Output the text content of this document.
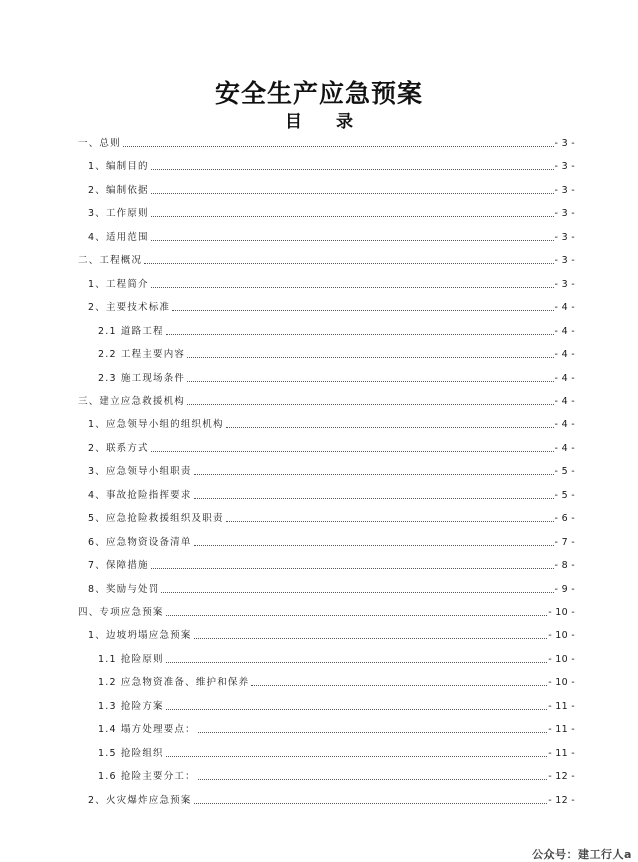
安全生产应急预案
目 录
一、总则	- 3 -
1、编制目的	- 3 -
2、编制依据	- 3 -
3、工作原则	- 3 -
4、适用范围	- 3 -
二、工程概况	- 3 -
1、工程简介	- 3 -
2、主要技术标准	- 4 -
2.1 道路工程	- 4 -
2.2 工程主要内容	- 4 -
2.3 施工现场条件	- 4 -
三、建立应急救援机构	- 4 -
1、应急领导小组的组织机构	- 4 -
2、联系方式	- 4 -
3、应急领导小组职责	- 5 -
4、事故抢险指挥要求	- 5 -
5、应急抢险救援组织及职责	- 6 -
6、应急物资设备清单	- 7 -
7、保障措施	- 8 -
8、奖励与处罚	- 9 -
四、专项应急预案	- 10 -
1、边坡坍塌应急预案	- 10 -
1.1 抢险原则	- 10 -
1.2 应急物资准备、维护和保养	- 10 -
1.3 抢险方案	- 11 -
1.4 塌方处理要点：	- 11 -
1.5 抢险组织	- 11 -
1.6 抢险主要分工：	- 12 -
2、火灾爆炸应急预案	- 12 -
公众号：建工行人a
